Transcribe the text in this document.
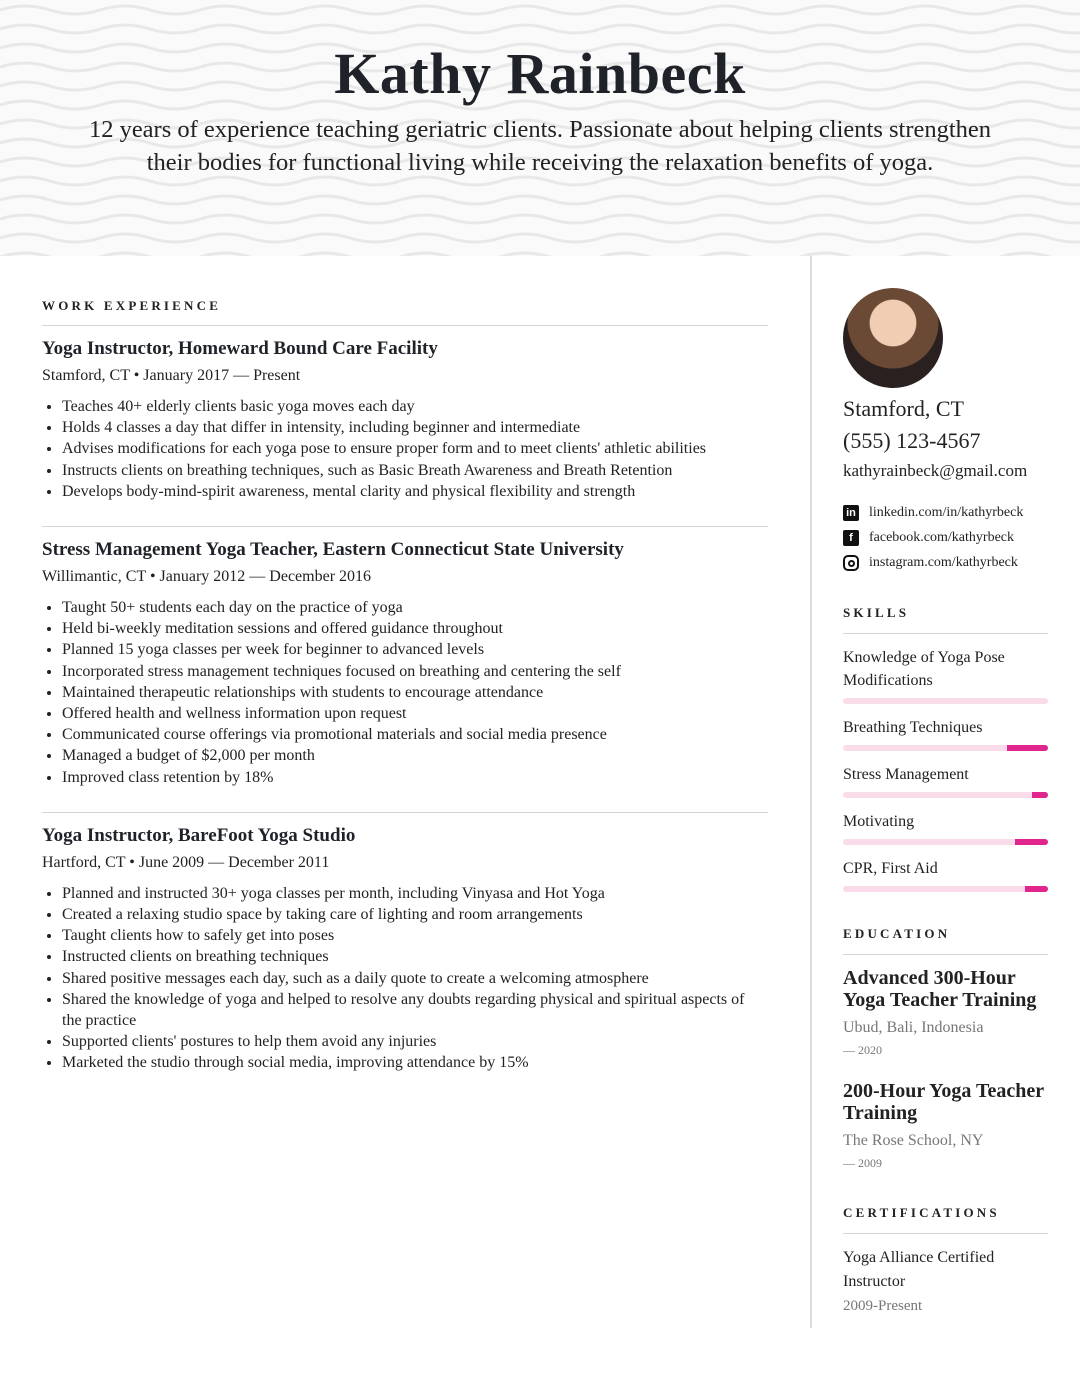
Kathy Rainbeck
12 years of experience teaching geriatric clients. Passionate about helping clients strengthen their bodies for functional living while receiving the relaxation benefits of yoga.
WORK EXPERIENCE
Yoga Instructor, Homeward Bound Care Facility
Stamford, CT • January 2017 — Present
• Teaches 40+ elderly clients basic yoga moves each day
• Holds 4 classes a day that differ in intensity, including beginner and intermediate
• Advises modifications for each yoga pose to ensure proper form and to meet clients' athletic abilities
• Instructs clients on breathing techniques, such as Basic Breath Awareness and Breath Retention
• Develops body-mind-spirit awareness, mental clarity and physical flexibility and strength
Stress Management Yoga Teacher, Eastern Connecticut State University
Willimantic, CT • January 2012 — December 2016
• Taught 50+ students each day on the practice of yoga
• Held bi-weekly meditation sessions and offered guidance throughout
• Planned 15 yoga classes per week for beginner to advanced levels
• Incorporated stress management techniques focused on breathing and centering the self
• Maintained therapeutic relationships with students to encourage attendance
• Offered health and wellness information upon request
• Communicated course offerings via promotional materials and social media presence
• Managed a budget of $2,000 per month
• Improved class retention by 18%
Yoga Instructor, BareFoot Yoga Studio
Hartford, CT • June 2009 — December 2011
• Planned and instructed 30+ yoga classes per month, including Vinyasa and Hot Yoga
• Created a relaxing studio space by taking care of lighting and room arrangements
• Taught clients how to safely get into poses
• Instructed clients on breathing techniques
• Shared positive messages each day, such as a daily quote to create a welcoming atmosphere
• Shared the knowledge of yoga and helped to resolve any doubts regarding physical and spiritual aspects of the practice
• Supported clients' postures to help them avoid any injuries
• Marketed the studio through social media, improving attendance by 15%
Stamford, CT
(555) 123-4567
kathyrainbeck@gmail.com
in linkedin.com/in/kathyrbeck
f	facebook.com/kathyrbeck
instagram.com/kathyrbeck
SKILLS
Knowledge of Yoga Pose Modifications
Breathing Techniques
Stress Management
Motivating
CPR, First Aid
EDUCATION
Advanced 300-Hour Yoga Teacher Training
Ubud, Bali, Indonesia
— 2020
200-Hour Yoga Teacher Training
The Rose School, NY
— 2009
CERTIFICATIONS
Yoga Alliance Certified Instructor
2009-Present
